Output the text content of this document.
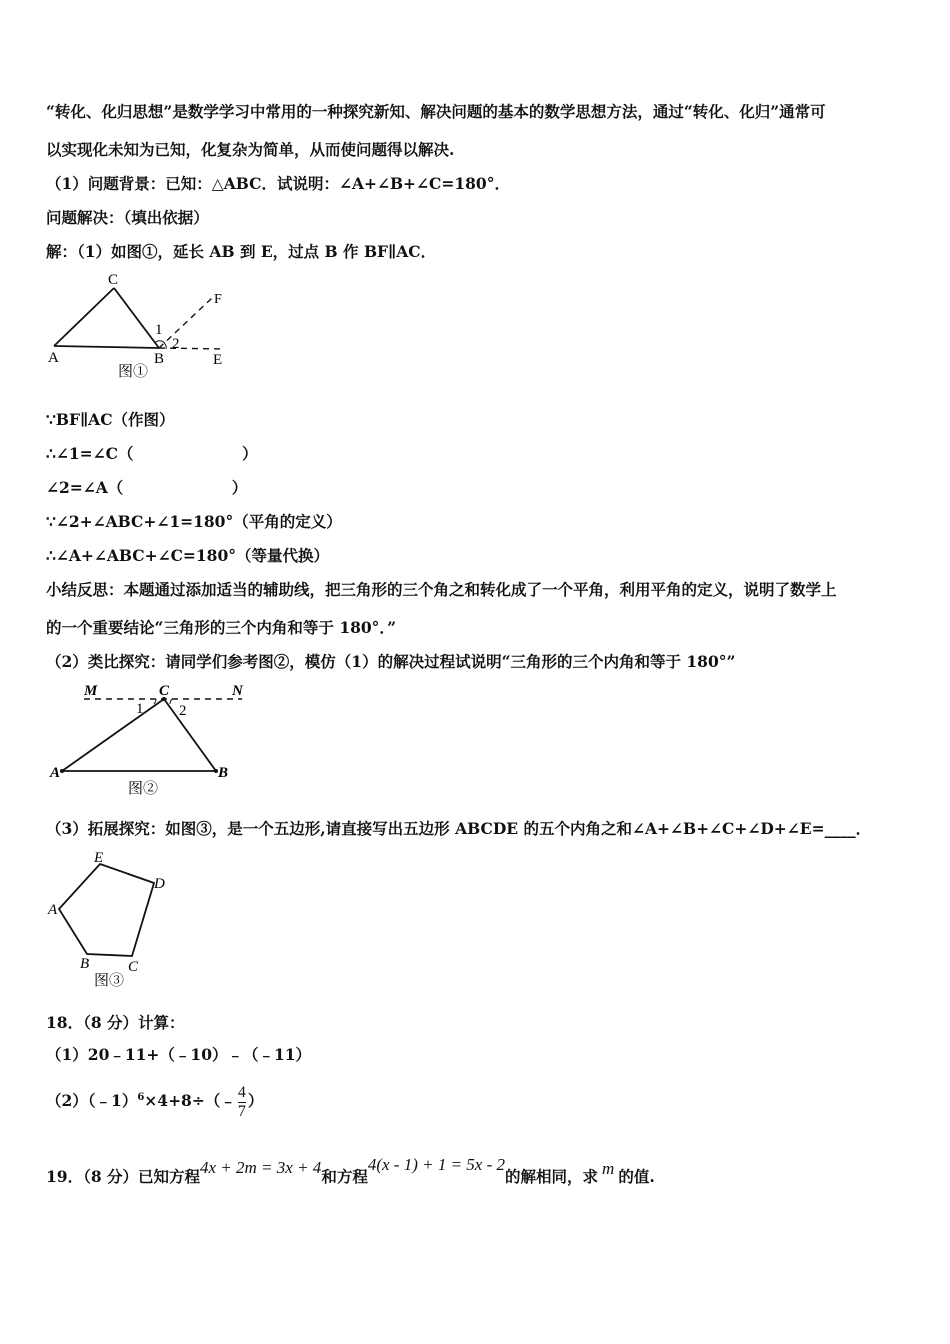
“转化、化归思想”是数学学习中常用的一种探究新知、解决问题的基本的数学思想方法，通过“转化、化归”通常可
以实现化未知为已知，化复杂为简单，从而使问题得以解决.
（1）问题背景：已知：△ABC．试说明：∠A+∠B+∠C=180°．
问题解决：（填出依据）
解：（1）如图①，延长 AB 到 E，过点 B 作 BF∥AC．
C
F
1
2
A	B	E
图①
∵BF∥AC（作图）
∴∠1=∠C（　　　　　　　）
∠2=∠A（　　　　　　　）
∵∠2+∠ABC+∠1=180°（平角的定义）
∴∠A+∠ABC+∠C=180°（等量代换）
小结反思：本题通过添加适当的辅助线，把三角形的三个角之和转化成了一个平角，利用平角的定义，说明了数学上
的一个重要结论“三角形的三个内角和等于 180°．”
（2）类比探究：请同学们参考图②，模仿（1）的解决过程试说明“三角形的三个内角和等于 180°”
M	C	N
1 2
A	B
图②
（3）拓展探究：如图③，是一个五边形,请直接写出五边形 ABCDE 的五个内角之和∠A+∠B+∠C+∠D+∠E=____．
E
D
A
B	C
图③
18．（8 分）计算：
（1）20﹣11+（﹣10）﹣（﹣11）
（2）（﹣1）$^6$×4+8÷（﹣ $\frac{4}{7}$ ）
19．（8 分）已知方程4x + 2m = 3x + 4和方程4(x - 1) + 1 = 5x - 2的解相同，求 m 的值.
